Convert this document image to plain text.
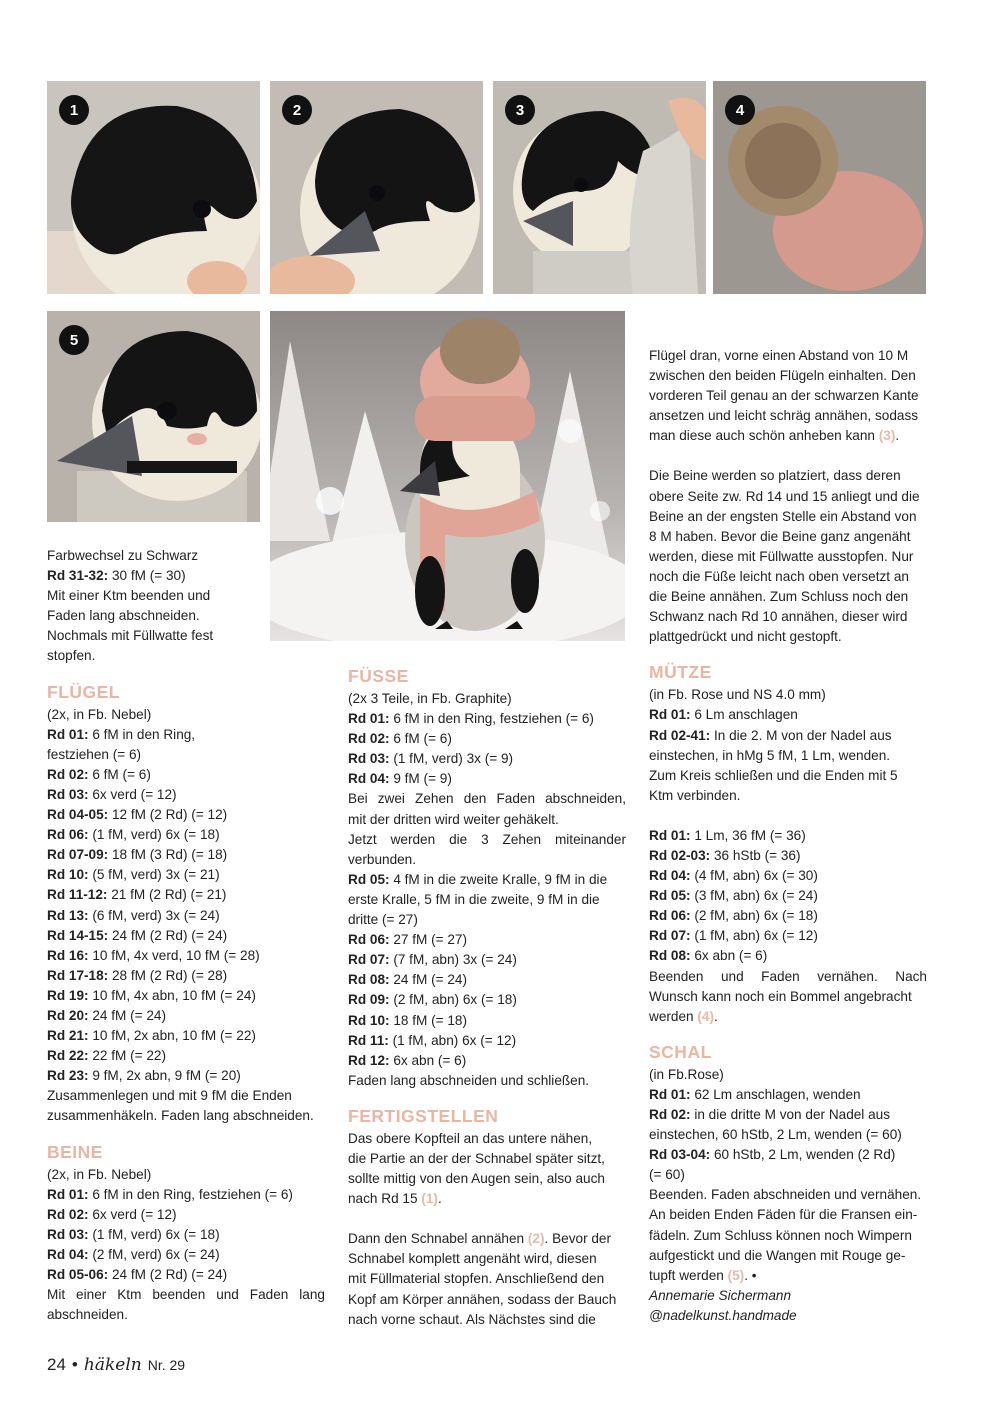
1	2	3	4
5

Farbwechsel zu Schwarz

Rd 31-32: 30 fM (= 30)

Mit einer Ktm beenden und

Faden lang abschneiden.

Nochmals mit Füllwatte fest

stopfen.

FLÜGEL

(2x, in Fb. Nebel)

Rd 01: 6 fM in den Ring,

festziehen (= 6)

Rd 02: 6 fM (= 6)

Rd 03: 6x verd (= 12)

Rd 04-05: 12 fM (2 Rd) (= 12)

Rd 06: (1 fM, verd) 6x (= 18)

Rd 07-09: 18 fM (3 Rd) (= 18)

Rd 10: (5 fM, verd) 3x (= 21)

Rd 11-12: 21 fM (2 Rd) (= 21)

Rd 13: (6 fM, verd) 3x (= 24)

Rd 14-15: 24 fM (2 Rd) (= 24)

Rd 16: 10 fM, 4x verd, 10 fM (= 28)

Rd 17-18: 28 fM (2 Rd) (= 28)

Rd 19: 10 fM, 4x abn, 10 fM (= 24)

Rd 20: 24 fM (= 24)

Rd 21: 10 fM, 2x abn, 10 fM (= 22)

Rd 22: 22 fM (= 22)

Rd 23: 9 fM, 2x abn, 9 fM (= 20)

Zusammenlegen und mit 9 fM die Enden

zusammenhäkeln. Faden lang abschneiden.

BEINE

(2x, in Fb. Nebel)

Rd 01: 6 fM in den Ring, festziehen (= 6)

Rd 02: 6x verd (= 12)

Rd 03: (1 fM, verd) 6x (= 18)

Rd 04: (2 fM, verd) 6x (= 24)

Rd 05-06: 24 fM (2 Rd) (= 24)

Mit einer Ktm beenden und Faden lang

abschneiden.

FÜSSE

(2x 3 Teile, in Fb. Graphite)

Rd 01: 6 fM in den Ring, festziehen (= 6)

Rd 02: 6 fM (= 6)

Rd 03: (1 fM, verd) 3x (= 9)

Rd 04: 9 fM (= 9)

Bei zwei Zehen den Faden abschneiden,

mit der dritten wird weiter gehäkelt.

Jetzt werden die 3 Zehen miteinander

verbunden.

Rd 05: 4 fM in die zweite Kralle, 9 fM in die

erste Kralle, 5 fM in die zweite, 9 fM in die

dritte (= 27)

Rd 06: 27 fM (= 27)

Rd 07: (7 fM, abn) 3x (= 24)

Rd 08: 24 fM (= 24)

Rd 09: (2 fM, abn) 6x (= 18)

Rd 10: 18 fM (= 18)

Rd 11: (1 fM, abn) 6x (= 12)

Rd 12: 6x abn (= 6)

Faden lang abschneiden und schließen.

FERTIGSTELLEN

Das obere Kopfteil an das untere nähen,

die Partie an der der Schnabel später sitzt,

sollte mittig von den Augen sein, also auch

nach Rd 15 (1).

Dann den Schnabel annähen (2). Bevor der

Schnabel komplett angenäht wird, diesen

mit Füllmaterial stopfen. Anschließend den

Kopf am Körper annähen, sodass der Bauch

nach vorne schaut. Als Nächstes sind die

Flügel dran, vorne einen Abstand von 10 M

zwischen den beiden Flügeln einhalten. Den

vorderen Teil genau an der schwarzen Kante

ansetzen und leicht schräg annähen, sodass

man diese auch schön anheben kann (3).

Die Beine werden so platziert, dass deren

obere Seite zw. Rd 14 und 15 anliegt und die

Beine an der engsten Stelle ein Abstand von

8 M haben. Bevor die Beine ganz angenäht

werden, diese mit Füllwatte ausstopfen. Nur

noch die Füße leicht nach oben versetzt an

die Beine annähen. Zum Schluss noch den

Schwanz nach Rd 10 annähen, dieser wird

plattgedrückt und nicht gestopft.

MÜTZE

(in Fb. Rose und NS 4.0 mm)

Rd 01: 6 Lm anschlagen

Rd 02-41: In die 2. M von der Nadel aus

einstechen, in hMg 5 fM, 1 Lm, wenden.

Zum Kreis schließen und die Enden mit 5

Ktm verbinden.

Rd 01: 1 Lm, 36 fM (= 36)

Rd 02-03: 36 hStb (= 36)

Rd 04: (4 fM, abn) 6x (= 30)

Rd 05: (3 fM, abn) 6x (= 24)

Rd 06: (2 fM, abn) 6x (= 18)

Rd 07: (1 fM, abn) 6x (= 12)

Rd 08: 6x abn (= 6)

Beenden und Faden vernähen. Nach

Wunsch kann noch ein Bommel angebracht

werden (4).

SCHAL

(in Fb.Rose)

Rd 01: 62 Lm anschlagen, wenden

Rd 02: in die dritte M von der Nadel aus

einstechen, 60 hStb, 2 Lm, wenden (= 60)

Rd 03-04: 60 hStb, 2 Lm, wenden (2 Rd)

(= 60)

Beenden. Faden abschneiden und vernähen.

An beiden Enden Fäden für die Fransen ein-

fädeln. Zum Schluss können noch Wimpern

aufgestickt und die Wangen mit Rouge ge-

tupft werden (5). •

Annemarie Sichermann

@nadelkunst.handmade

24 • häkeln Nr. 29
